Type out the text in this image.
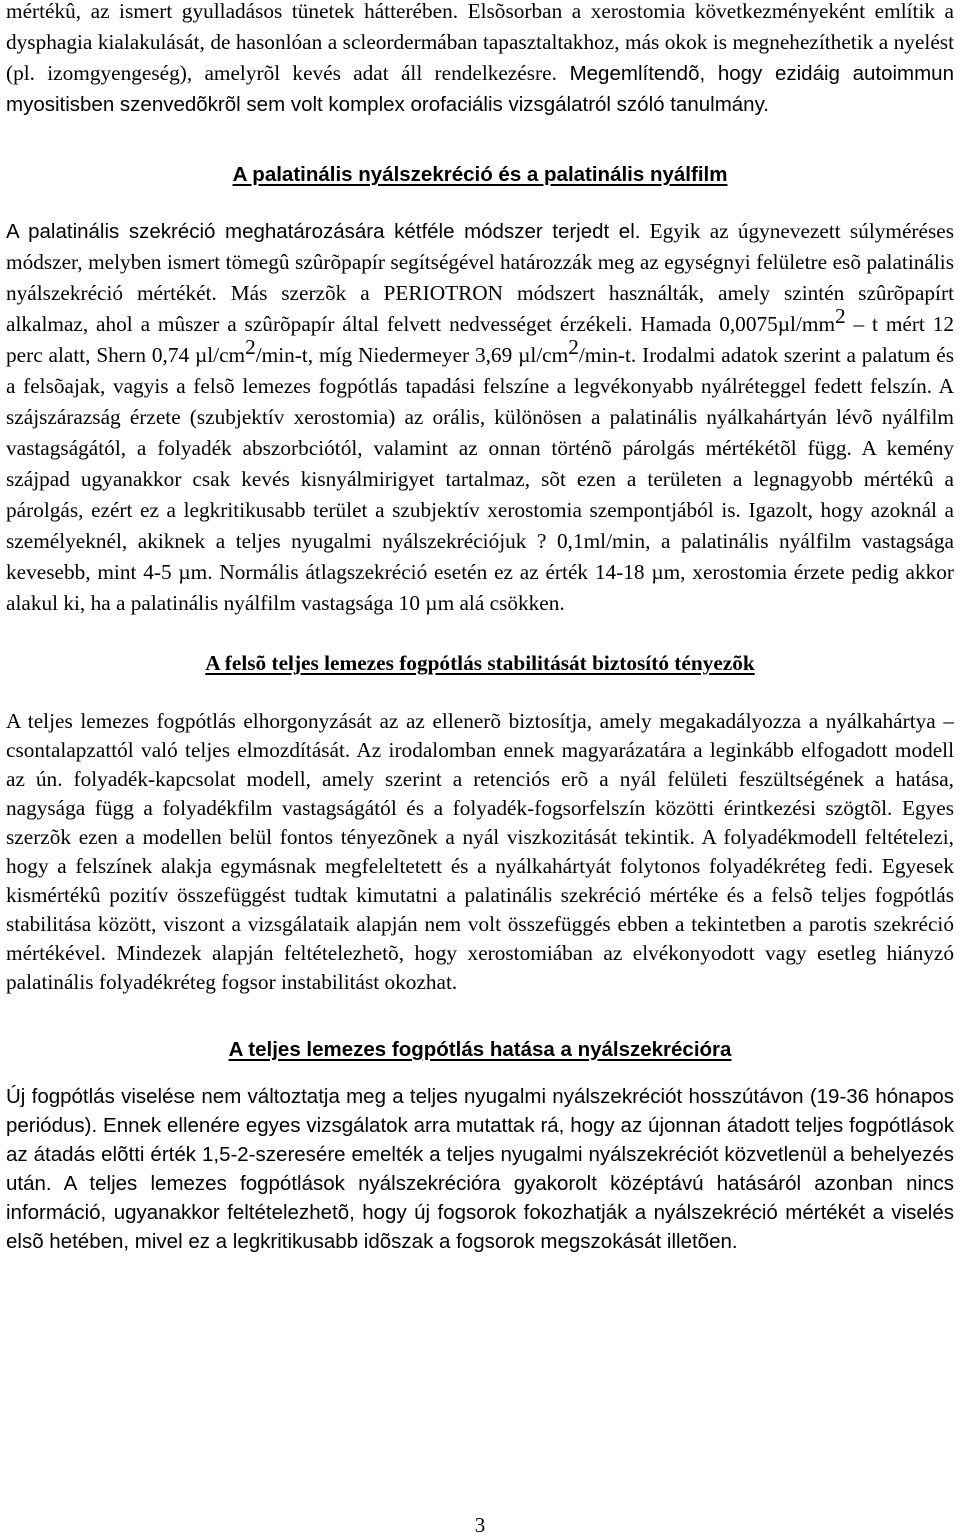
mértékû, az ismert gyulladásos tünetek hátterében. Elsõsorban a xerostomia következményeként említik a dysphagia kialakulását, de hasonlóan a scleordermában tapasztaltakhoz, más okok is megnehezíthetik a nyelést (pl. izomgyengeség), amelyrõl kevés adat áll rendelkezésre. Megemlítendõ, hogy ezidáig autoimmun myositisben szenvedõkrõl sem volt komplex orofaciális vizsgálatról szóló tanulmány.

A palatinális nyálszekréció és a palatinális nyálfilm

A palatinális szekréció meghatározására kétféle módszer terjedt el. Egyik az úgynevezett súlyméréses módszer, melyben ismert tömegû szûrõpapír segítségével határozzák meg az egységnyi felületre esõ palatinális nyálszekréció mértékét. Más szerzõk a PERIOTRON módszert használták, amely szintén szûrõpapírt alkalmaz, ahol a mûszer a szûrõpapír által felvett nedvességet érzékeli. Hamada $0,0075\mu l/mm^2$ – t mért 12 perc alatt, Shern 0,74 $\mu l/cm^2/\min-t$, míg Niedermeyer 3,69 $\mu l/cm^2/\min-t$. Irodalmi adatok szerint a palatum és a felsõajak, vagyis a felsõ lemezes fogpótlás tapadási felszíne a legvékonyabb nyálréteggel fedett felszín. A szájszárazság érzete (szubjektív xerostomia) az orális, különösen a palatinális nyálkahártyán lévõ nyálfilm vastagságától, a folyadék abszorbciótól, valamint az onnan történõ párolgás mértékétõl függ. A kemény szájpad ugyanakkor csak kevés kisnyálmirigyet tartalmaz, sõt ezen a területen a legnagyobb mértékû a párolgás, ezért ez a legkritikusabb terület a szubjektív xerostomia szempontjából is. Igazolt, hogy azoknál a személyeknél, akiknek a teljes nyugalmi nyálszekréciójuk ? 0,1ml/min, a palatinális nyálfilm vastagsága kevesebb, mint 4-5 µm. Normális átlagszekréció esetén ez az érték 14-18 µm, xerostomia érzete pedig akkor alakul ki, ha a palatinális nyálfilm vastagsága 10 µm alá csökken.

A felsõ teljes lemezes fogpótlás stabilitását biztosító tényezõk

A teljes lemezes fogpótlás elhorgonyzását az az ellenerõ biztosítja, amely megakadályozza a nyálkahártya – csontalapzattól való teljes elmozdítását. Az irodalomban ennek magyarázatára a leginkább elfogadott modell az ún. folyadék-kapcsolat modell, amely szerint a retenciós erõ a nyál felületi feszültségének a hatása, nagysága függ a folyadékfilm vastagságától és a folyadék-fogsorfelszín közötti érintkezési szögtõl. Egyes szerzõk ezen a modellen belül fontos tényezõnek a nyál viszkozitását tekintik. A folyadékmodell feltételezi, hogy a felszínek alakja egymásnak megfeleltetett és a nyálkahártyát folytonos folyadékréteg fedi. Egyesek kismértékû pozitív összefüggést tudtak kimutatni a palatinális szekréció mértéke és a felsõ teljes fogpótlás stabilitása között, viszont a vizsgálataik alapján nem volt összefüggés ebben a tekintetben a parotis szekréció mértékével. Mindezek alapján feltételezhetõ, hogy xerostomiában az elvékonyodott vagy esetleg hiányzó palatinális folyadékréteg fogsor instabilitást okozhat.

A teljes lemezes fogpótlás hatása a nyálszekrécióra

Új fogpótlás viselése nem változtatja meg a teljes nyugalmi nyálszekréciót hosszútávon (19-36 hónapos periódus). Ennek ellenére egyes vizsgálatok arra mutattak rá, hogy az újonnan átadott teljes fogpótlások az átadás elõtti érték 1,5-2-szeresére emelték a teljes nyugalmi nyálszekréciót közvetlenül a behelyezés után. A teljes lemezes fogpótlások nyálszekrécióra gyakorolt középtávú hatásáról azonban nincs információ, ugyanakkor feltételezhetõ, hogy új fogsorok fokozhatják a nyálszekréció mértékét a viselés elsõ hetében, mivel ez a legkritikusabb idõszak a fogsorok megszokását illetõen.

3
